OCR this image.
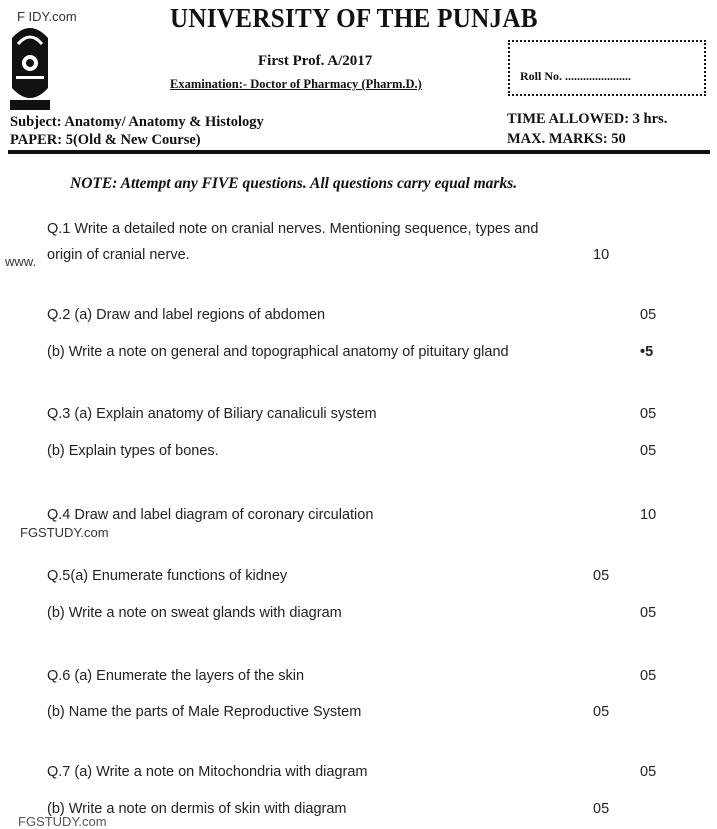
F IDY.com	UNIVERSITY OF THE PUNJAB
First Prof. A/2017
Examination:- Doctor of Pharmacy (Pharm.D.)
Roll No. ......................
Subject: Anatomy/ Anatomy & Histology
PAPER: 5(Old & New Course)
TIME ALLOWED: 3 hrs.
MAX. MARKS: 50
NOTE: Attempt any FIVE questions. All questions carry equal marks.
Q.1 Write a detailed note on cranial nerves. Mentioning sequence, types and
origin of cranial nerve.	10
www.
Q.2 (a) Draw and label regions of abdomen	05
(b) Write a note on general and topographical anatomy of pituitary gland	•5
Q.3 (a) Explain anatomy of Biliary canaliculi system	05
(b) Explain types of bones.	05
Q.4 Draw and label diagram of coronary circulation	10
FGSTUDY.com
Q.5(a) Enumerate functions of kidney	05
(b) Write a note on sweat glands with diagram	05
Q.6 (a) Enumerate the layers of the skin	05
(b) Name the parts of Male Reproductive System	05
Q.7 (a) Write a note on Mitochondria with diagram	05
(b) Write a note on dermis of skin with diagram	05
FGSTUDY.com
